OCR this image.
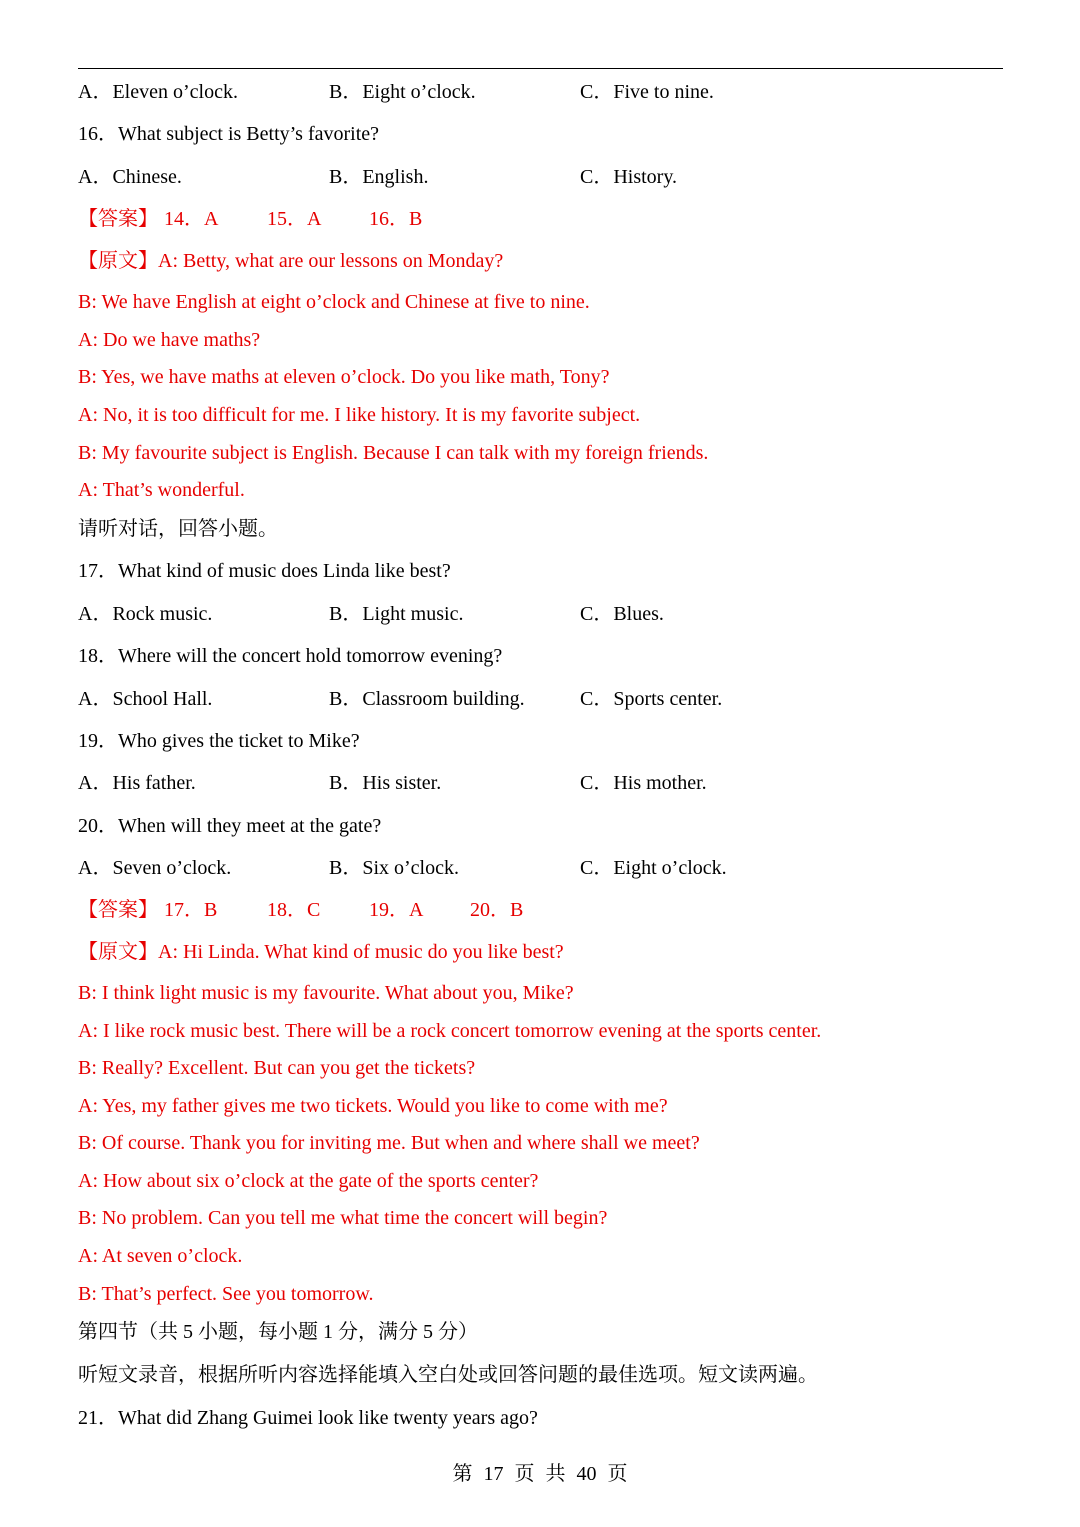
A．Eleven o’clock.	B．Eight o’clock.	C．Five to nine.
16．What subject is Betty’s favorite?
A．Chinese.	B．English.	C．History.
【答案】 14．A 15．A 16．B
【原文】A: Betty, what are our lessons on Monday?
B: We have English at eight o’clock and Chinese at five to nine.
A: Do we have maths?
B: Yes, we have maths at eleven o’clock. Do you like math, Tony?
A: No, it is too difficult for me. I like history. It is my favorite subject.
B: My favourite subject is English. Because I can talk with my foreign friends.
A: That’s wonderful.
请听对话，回答小题。
17．What kind of music does Linda like best?
A．Rock music.	B．Light music.	C．Blues.
18．Where will the concert hold tomorrow evening?
A．School Hall.	B．Classroom building.	C．Sports center.
19．Who gives the ticket to Mike?
A．His father.	B．His sister.	C．His mother.
20．When will they meet at the gate?
A．Seven o’clock.	B．Six o’clock.	C．Eight o’clock.
【答案】 17．B 18．C 19．A 20．B
【原文】A: Hi Linda. What kind of music do you like best?
B: I think light music is my favourite. What about you, Mike?
A: I like rock music best. There will be a rock concert tomorrow evening at the sports center.
B: Really? Excellent. But can you get the tickets?
A: Yes, my father gives me two tickets. Would you like to come with me?
B: Of course. Thank you for inviting me. But when and where shall we meet?
A: How about six o’clock at the gate of the sports center?
B: No problem. Can you tell me what time the concert will begin?
A: At seven o’clock.
B: That’s perfect. See you tomorrow.
第四节（共 5 小题，每小题 1 分，满分 5 分）
听短文录音，根据所听内容选择能填入空白处或回答问题的最佳选项。短文读两遍。
21．What did Zhang Guimei look like twenty years ago?
第 17 页 共 40 页
